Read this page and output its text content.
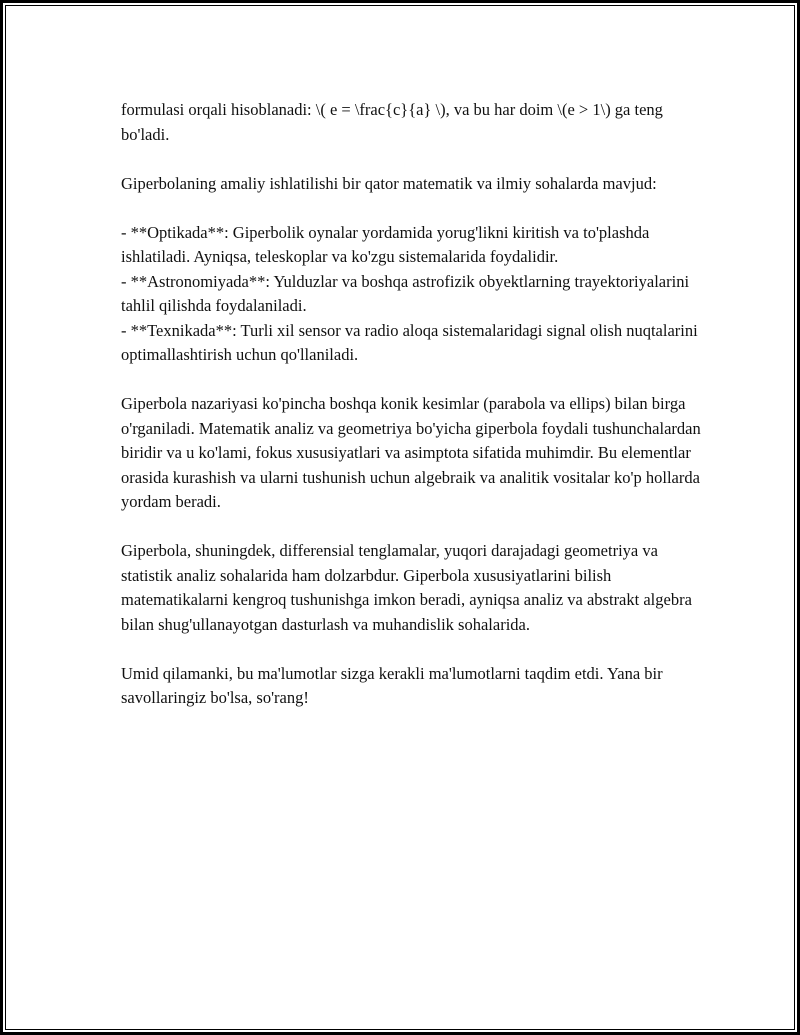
formulasi orqali hisoblanadi: \( e = \frac{c}{a} \), va bu har doim \(e > 1\) ga teng bo'ladi.

Giperbolaning amaliy ishlatilishi bir qator matematik va ilmiy sohalarda mavjud:

- **Optikada**: Giperbolik oynalar yordamida yorug'likni kiritish va to'plashda ishlatiladi. Ayniqsa, teleskoplar va ko'zgu sistemalarida foydalidir.

- **Astronomiyada**: Yulduzlar va boshqa astrofizik obyektlarning trayektoriyalarini tahlil qilishda foydalaniladi.

- **Texnikada**: Turli xil sensor va radio aloqa sistemalaridagi signal olish nuqtalarini optimallashtirish uchun qo'llaniladi.

Giperbola nazariyasi ko'pincha boshqa konik kesimlar (parabola va ellips) bilan birga o'rganiladi. Matematik analiz va geometriya bo'yicha giperbola foydali tushunchalardan biridir va u ko'lami, fokus xususiyatlari va asimptota sifatida muhimdir. Bu elementlar orasida kurashish va ularni tushunish uchun algebraik va analitik vositalar ko'p hollarda yordam beradi.

Giperbola, shuningdek, differensial tenglamalar, yuqori darajadagi geometriya va statistik analiz sohalarida ham dolzarbdur. Giperbola xususiyatlarini bilish matematikalarni kengroq tushunishga imkon beradi, ayniqsa analiz va abstrakt algebra bilan shug'ullanayotgan dasturlash va muhandislik sohalarida.

Umid qilamanki, bu ma'lumotlar sizga kerakli ma'lumotlarni taqdim etdi. Yana bir savollaringiz bo'lsa, so'rang!
